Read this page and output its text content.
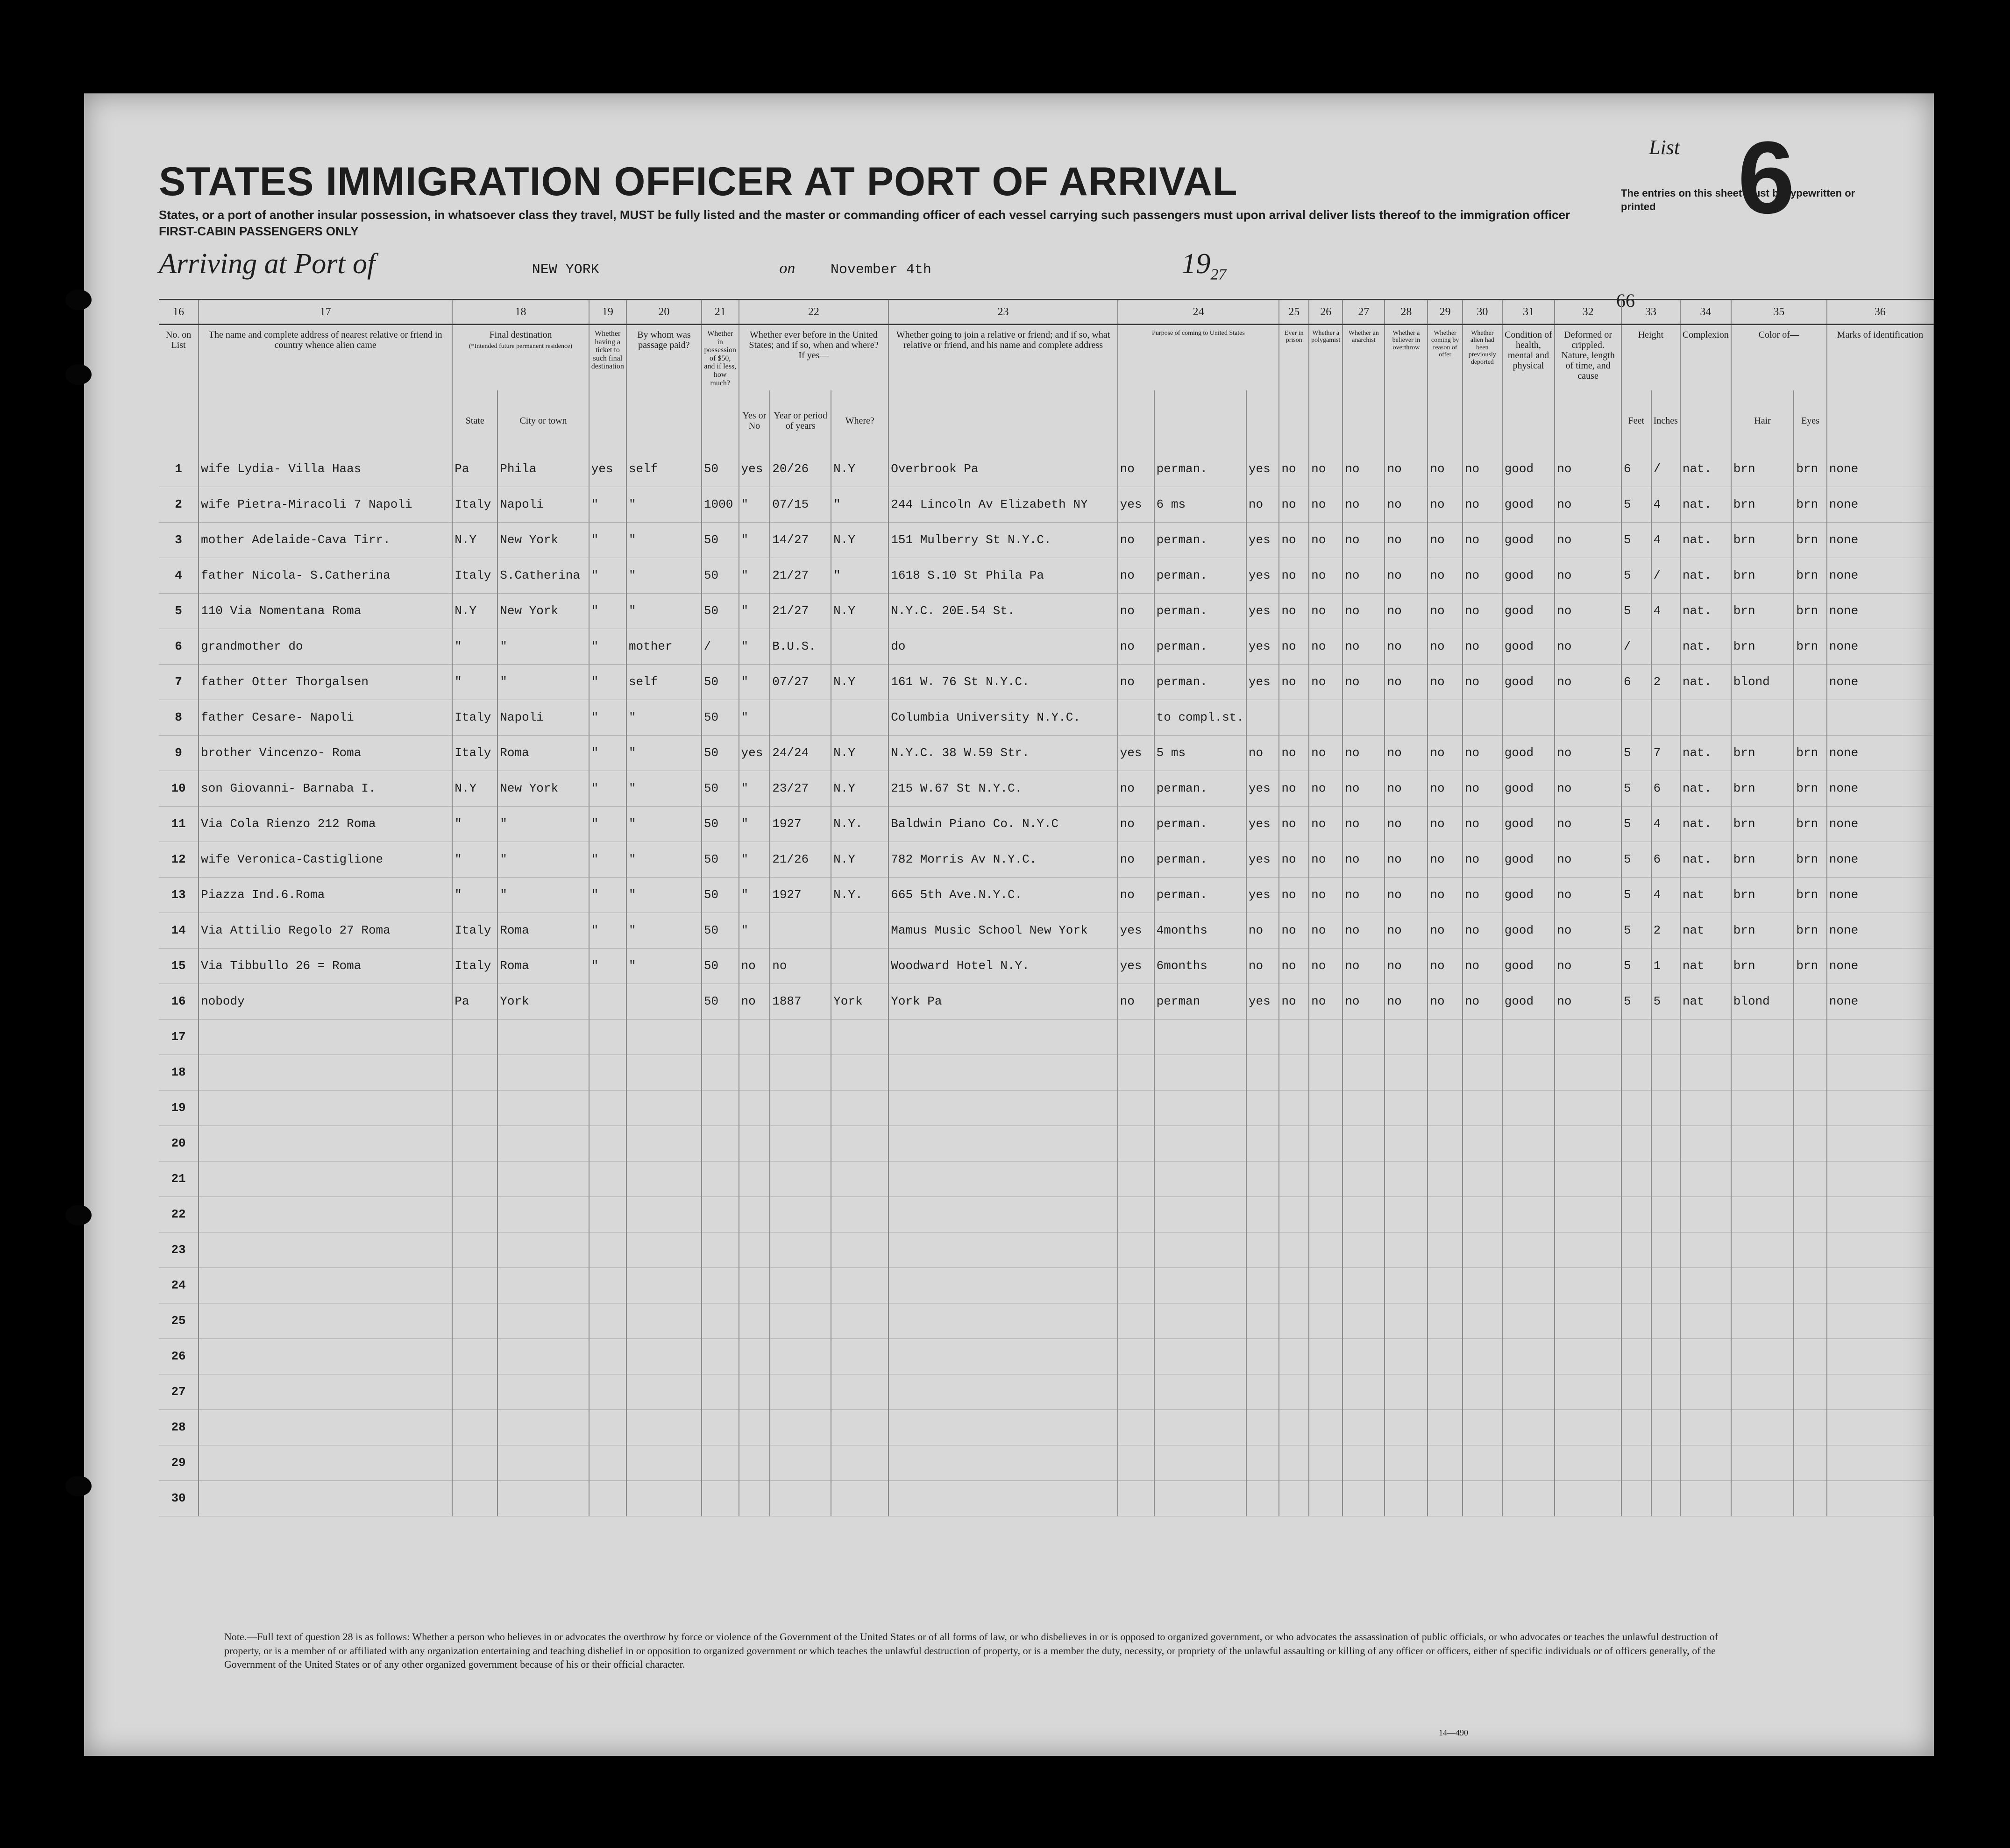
STATES IMMIGRATION OFFICER AT PORT OF ARRIVAL
States, or a port of another insular possession, in whatsoever class they travel, MUST be fully listed and the master or commanding officer of each vessel carrying such passengers must upon arrival deliver lists thereof to the immigration officer
FIRST-CABIN PASSENGERS ONLY
Arriving at Port of	NEW YORK	on	November 4th	$19_{27}$
List 6
The entries on this sheet must be typewritten or printed
66
16	17	18		19	20	21	22			23	24			25	26	27	28	29	30	31	32	33		34	35		36
No. on List	The name and complete address of nearest relative or friend in country whence alien came	Final destination
(*Intended future permanent residence)		Whether having a ticket to such final destination	By whom was passage paid?	Whether in possession of $50, and if less, how much?	Whether ever before in the United States; and if so, when and where?
If yes—			Whether going to join a relative or friend; and if so, what relative or friend, and his name and complete address	Purpose of coming to United States			Ever in prison	Whether a polygamist	Whether an anarchist	Whether a believer in overthrow	Whether coming by reason of offer	Whether alien had been previously deported	Condition of health, mental and physical	Deformed or crippled. Nature, length of time, and cause	Height		Complexion	Color of—		Marks of identification
		State	City or town				Yes or No	Year or period of years	Where?													Feet	Inches		Hair	Eyes	
1	wife Lydia- Villa Haas	Pa	Phila	yes	self	50	yes	20/26	N.Y	Overbrook Pa	no	perman.	yes	no	no	no	no	no	no	good	no	6	/	nat.	brn	brn	none
2	wife Pietra-Miracoli 7 Napoli	Italy	Napoli	"	"	1000	"	07/15	"	244 Lincoln Av Elizabeth NY	yes	6 ms	no	no	no	no	no	no	no	good	no	5	4	nat.	brn	brn	none
3	mother Adelaide-Cava Tirr.	N.Y	New York	"	"	50	"	14/27	N.Y	151 Mulberry St N.Y.C.	no	perman.	yes	no	no	no	no	no	no	good	no	5	4	nat.	brn	brn	none
4	father Nicola- S.Catherina	Italy	S.Catherina	"	"	50	"	21/27	"	1618 S.10 St Phila Pa	no	perman.	yes	no	no	no	no	no	no	good	no	5	/	nat.	brn	brn	none
5	110 Via Nomentana Roma	N.Y	New York	"	"	50	"	21/27	N.Y	N.Y.C. 20E.54 St.	no	perman.	yes	no	no	no	no	no	no	good	no	5	4	nat.	brn	brn	none
6	grandmother do	"	"	"	mother	/	"	B.U.S.		do	no	perman.	yes	no	no	no	no	no	no	good	no	/		nat.	brn	brn	none
7	father Otter Thorgalsen	"	"	"	self	50	"	07/27	N.Y	161 W. 76 St N.Y.C.	no	perman.	yes	no	no	no	no	no	no	good	no	6	2	nat.	blond		none
8	father Cesare- Napoli	Italy	Napoli	"	"	50	"			Columbia University N.Y.C.		to compl.st.															
9	brother Vincenzo- Roma	Italy	Roma	"	"	50	yes	24/24	N.Y	N.Y.C. 38 W.59 Str.	yes	5 ms	no	no	no	no	no	no	no	good	no	5	7	nat.	brn	brn	none
10	son Giovanni- Barnaba I.	N.Y	New York	"	"	50	"	23/27	N.Y	215 W.67 St N.Y.C.	no	perman.	yes	no	no	no	no	no	no	good	no	5	6	nat.	brn	brn	none
11	Via Cola Rienzo 212 Roma	"	"	"	"	50	"	1927	N.Y.	Baldwin Piano Co. N.Y.C	no	perman.	yes	no	no	no	no	no	no	good	no	5	4	nat.	brn	brn	none
12	wife Veronica-Castiglione	"	"	"	"	50	"	21/26	N.Y	782 Morris Av N.Y.C.	no	perman.	yes	no	no	no	no	no	no	good	no	5	6	nat.	brn	brn	none
13	Piazza Ind.6.Roma	"	"	"	"	50	"	1927	N.Y.	665 5th Ave.N.Y.C.	no	perman.	yes	no	no	no	no	no	no	good	no	5	4	nat	brn	brn	none
14	Via Attilio Regolo 27 Roma	Italy	Roma	"	"	50	"			Mamus Music School New York	yes	4months	no	no	no	no	no	no	no	good	no	5	2	nat	brn	brn	none
15	Via Tibbullo 26 = Roma	Italy	Roma	"	"	50	no	no		Woodward Hotel N.Y.	yes	6months	no	no	no	no	no	no	no	good	no	5	1	nat	brn	brn	none
16	nobody	Pa	York			50	no	1887	York	York Pa	no	perman	yes	no	no	no	no	no	no	good	no	5	5	nat	blond		none
17																											
18																											
19																											
20																											
21																											
22																											
23																											
24																											
25																											
26																											
27																											
28																											
29																											
30																											
Note.—Full text of question 28 is as follows: Whether a person who believes in or advocates the overthrow by force or violence of the Government of the United States or of all forms of law, or who disbelieves in or is opposed to organized government, or who advocates the assassination of public officials, or who advocates or teaches the unlawful destruction of property, or is a member of or affiliated with any organization entertaining and teaching disbelief in or opposition to organized government or which teaches the unlawful destruction of property, or is a member the duty, necessity, or propriety of the unlawful assaulting or killing of any officer or officers, either of specific individuals or of officers generally, of the Government of the United States or of any other organized government because of his or their official character.
14—490
